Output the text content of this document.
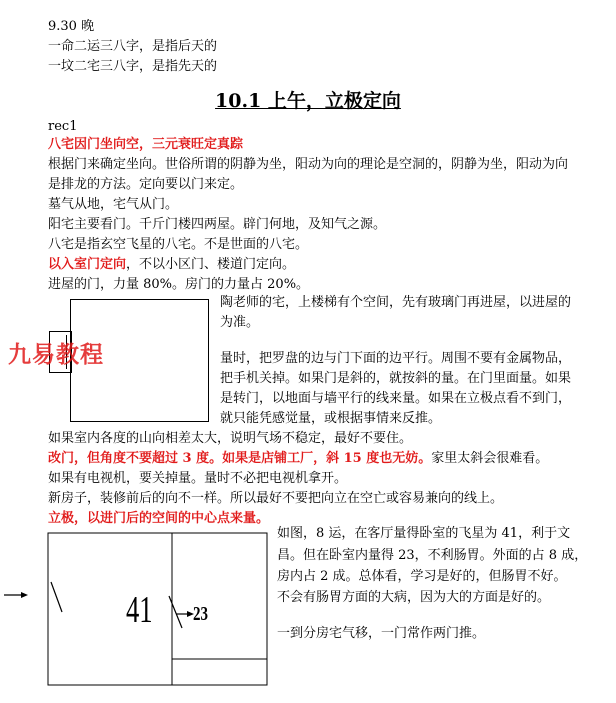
9.30 晚
一命二运三八字，是指后天的
一坟二宅三八字，是指先天的
10.1 上午，立极定向
rec1
八宅因门坐向空，三元衰旺定真踪
根据门来确定坐向。世俗所谓的阴静为坐，阳动为向的理论是空洞的，阴静为坐，阳动为向
是排龙的方法。定向要以门来定。
墓气从地，宅气从门。
阳宅主要看门。千斤门楼四两屋。辟门何地，及知气之源。
八宅是指玄空飞星的八宅。不是世面的八宅。
以入室门定向，不以小区门、楼道门定向。
进屋的门，力量 80%。房门的力量占 20%。
九易教程
陶老师的宅，上楼梯有个空间，先有玻璃门再进屋，以进屋的
为准。
量时，把罗盘的边与门下面的边平行。周围不要有金属物品，
把手机关掉。如果门是斜的，就按斜的量。在门里面量。如果
是转门，以地面与墙平行的线来量。如果在立极点看不到门，
就只能凭感觉量，或根据事情来反推。
如果室内各度的山向相差太大，说明气场不稳定，最好不要住。
改门，但角度不要超过 3 度。如果是店铺工厂，斜 15 度也无妨。家里太斜会很难看。
如果有电视机，要关掉量。量时不必把电视机拿开。
新房子，装修前后的向不一样。所以最好不要把向立在空亡或容易兼向的线上。
立极，以进门后的空间的中心点来量。
41 23
如图，8 运，在客厅量得卧室的飞星为 41，利于文
昌。但在卧室内量得 23，不利肠胃。外面的占 8 成，
房内占 2 成。总体看，学习是好的，但肠胃不好。
不会有肠胃方面的大病，因为大的方面是好的。
一到分房宅气移，一门常作两门推。
